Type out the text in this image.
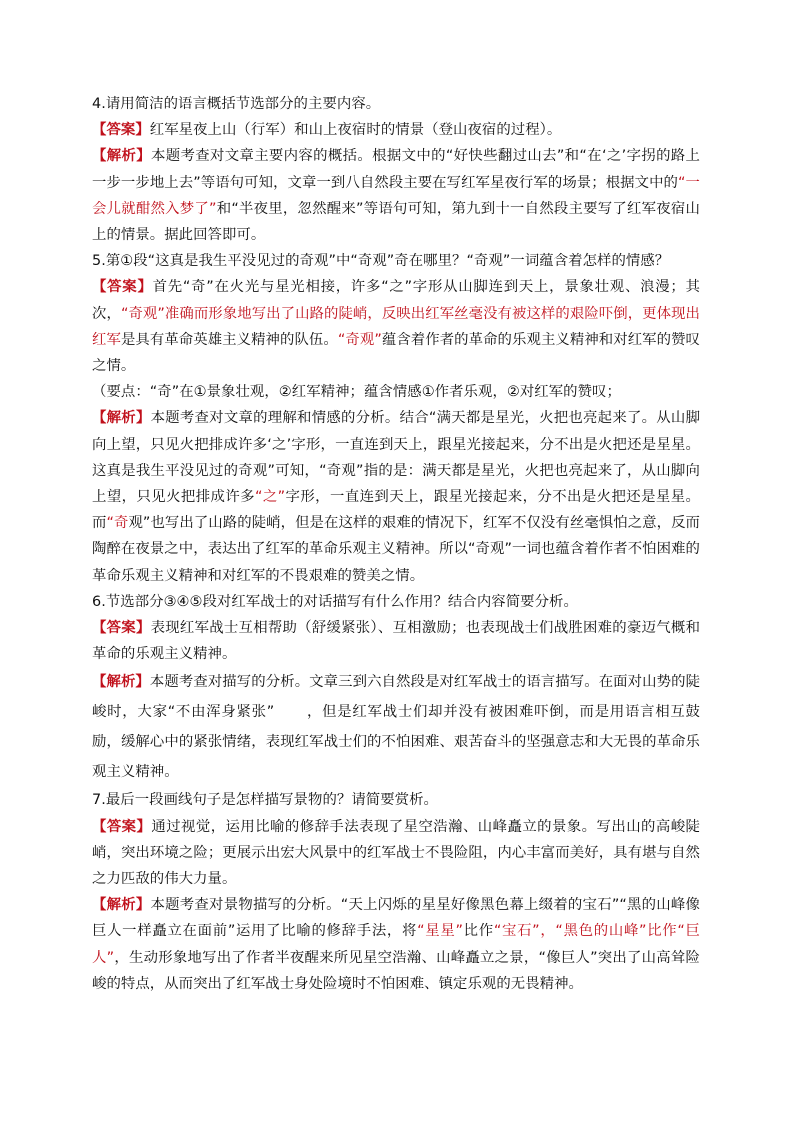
4.请用简洁的语言概括节选部分的主要内容。

【答案】红军星夜上山（行军）和山上夜宿时的情景（登山夜宿的过程）。

【解析】本题考查对文章主要内容的概括。根据文中的“好快些翻过山去”和“在‘之’字拐的路上一步一步地上去”等语句可知，文章一到八自然段主要在写红军星夜行军的场景；根据文中的“一会儿就酣然入梦了”和“半夜里，忽然醒来”等语句可知，第九到十一自然段主要写了红军夜宿山上的情景。据此回答即可。

5.第①段“这真是我生平没见过的奇观”中“奇观”奇在哪里？“奇观”一词蕴含着怎样的情感？

【答案】首先“奇”在火光与星光相接，许多“之”字形从山脚连到天上，景象壮观、浪漫；其次，“奇观”准确而形象地写出了山路的陡峭，反映出红军丝毫没有被这样的艰险吓倒，更体现出红军是具有革命英雄主义精神的队伍。“奇观”蕴含着作者的革命的乐观主义精神和对红军的赞叹之情。

（要点：“奇”在①景象壮观，②红军精神；蕴含情感①作者乐观，②对红军的赞叹；

【解析】本题考查对文章的理解和情感的分析。结合“满天都是星光，火把也亮起来了。从山脚向上望，只见火把排成许多‘之’字形，一直连到天上，跟星光接起来，分不出是火把还是星星。这真是我生平没见过的奇观”可知，“奇观”指的是：满天都是星光，火把也亮起来了，从山脚向上望，只见火把排成许多“之”字形，一直连到天上，跟星光接起来，分不出是火把还是星星。而“奇观”也写出了山路的陡峭，但是在这样的艰难的情况下，红军不仅没有丝毫惧怕之意，反而陶醉在夜景之中，表达出了红军的革命乐观主义精神。所以“奇观”一词也蕴含着作者不怕困难的革命乐观主义精神和对红军的不畏艰难的赞美之情。

6.节选部分③④⑤段对红军战士的对话描写有什么作用？结合内容简要分析。

【答案】表现红军战士互相帮助（舒缓紧张）、互相激励；也表现战士们战胜困难的豪迈气概和革命的乐观主义精神。

【解析】本题考查对描写的分析。文章三到六自然段是对红军战士的语言描写。在面对山势的陡峻时，大家“不由浑身紧张” ，但是红军战士们却并没有被困难吓倒，而是用语言相互鼓励，缓解心中的紧张情绪，表现红军战士们的不怕困难、艰苦奋斗的坚强意志和大无畏的革命乐观主义精神。

7.最后一段画线句子是怎样描写景物的？请简要赏析。

【答案】通过视觉，运用比喻的修辞手法表现了星空浩瀚、山峰矗立的景象。写出山的高峻陡峭，突出环境之险；更展示出宏大风景中的红军战士不畏险阻，内心丰富而美好，具有堪与自然之力匹敌的伟大力量。

【解析】本题考查对景物描写的分析。“天上闪烁的星星好像黑色幕上缀着的宝石”“黑的山峰像巨人一样矗立在面前”运用了比喻的修辞手法，将“星星”比作“宝石”，“黑色的山峰”比作“巨人”，生动形象地写出了作者半夜醒来所见星空浩瀚、山峰矗立之景，“像巨人”突出了山高耸险峻的特点，从而突出了红军战士身处险境时不怕困难、镇定乐观的无畏精神。
